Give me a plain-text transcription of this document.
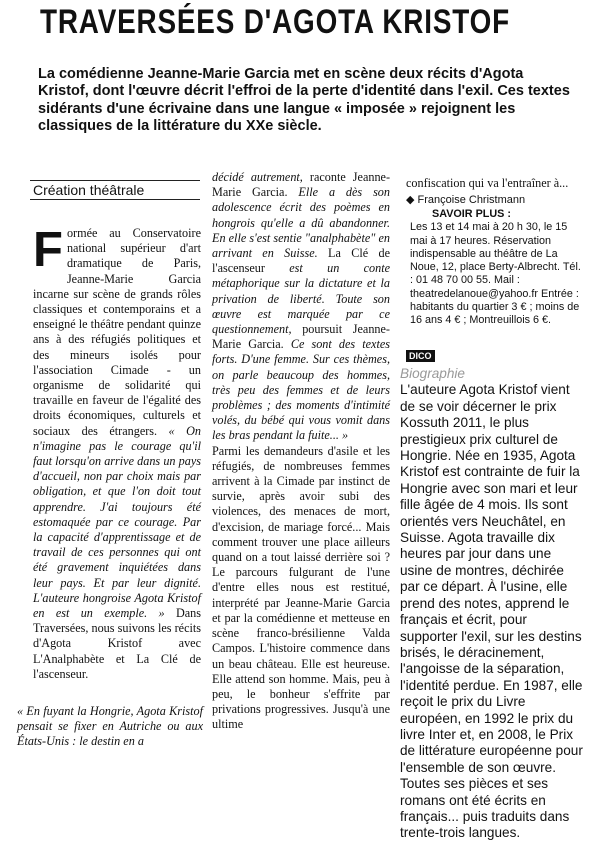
TRAVERSÉES D'AGOTA KRISTOF
La comédienne Jeanne-Marie Garcia met en scène deux récits d'Agota Kristof, dont l'œuvre décrit l'effroi de la perte d'identité dans l'exil. Ces textes sidérants d'une écrivaine dans une langue « imposée » rejoignent les classiques de la littérature du XXe siècle.
Création théâtrale
F ormée au Conservatoire national supérieur d'art dramatique de Paris, Jeanne-Marie Garcia incarne sur scène de grands rôles classiques et contemporains et a enseigné le théâtre pendant quinze ans à des réfugiés politiques et des mineurs isolés pour l'association Cimade - un organisme de solidarité qui travaille en faveur de l'égalité des droits économiques, culturels et sociaux des étrangers. « On n'imagine pas le courage qu'il faut lorsqu'on arrive dans un pays d'accueil, non par choix mais par obligation, et que l'on doit tout apprendre. J'ai toujours été estomaquée par ce courage. Par la capacité d'apprentissage et de travail de ces personnes qui ont été gravement inquiétées dans leur pays. Et par leur dignité. L'auteure hongroise Agota Kristof en est un exemple. » Dans Traversées, nous suivons les récits d'Agota Kristof avec L'Analphabète et La Clé de l'ascenseur.
« En fuyant la Hongrie, Agota Kristof pensait se fixer en Autriche ou aux États-Unis : le destin en a
décidé autrement, raconte Jeanne-Marie Garcia. Elle a dès son adolescence écrit des poèmes en hongrois qu'elle a dû abandonner. En elle s'est sentie "analphabète" en arrivant en Suisse. La Clé de l'ascenseur est un conte métaphorique sur la dictature et la privation de liberté. Toute son œuvre est marquée par ce questionnement, poursuit Jeanne-Marie Garcia. Ce sont des textes forts. D'une femme. Sur ces thèmes, on parle beaucoup des hommes, très peu des femmes et de leurs problèmes ; des moments d'intimité volés, du bébé qui vous vomit dans les bras pendant la fuite... »
Parmi les demandeurs d'asile et les réfugiés, de nombreuses femmes arrivent à la Cimade par instinct de survie, après avoir subi des violences, des menaces de mort, d'excision, de mariage forcé... Mais comment trouver une place ailleurs quand on a tout laissé derrière soi ? Le parcours fulgurant de l'une d'entre elles nous est restitué, interprété par Jeanne-Marie Garcia et par la comédienne et metteuse en scène franco-brésilienne Valda Campos. L'histoire commence dans un beau château. Elle est heureuse. Elle attend son homme. Mais, peu à peu, le bonheur s'effrite par privations progressives. Jusqu'à une ultime
confiscation qui va l'entraîner à...
◆ Françoise Christmann
SAVOIR PLUS :
Les 13 et 14 mai à 20 h 30, le 15 mai à 17 heures. Réservation indispensable au théâtre de La Noue, 12, place Berty-Albrecht. Tél. : 01 48 70 00 55. Mail : theatredelanoue@yahoo.fr Entrée : habitants du quartier 3 € ; moins de 16 ans 4 € ; Montreuillois 6 €.
DICO
Biographie
L'auteure Agota Kristof vient de se voir décerner le prix Kossuth 2011, le plus prestigieux prix culturel de Hongrie. Née en 1935, Agota Kristof est contrainte de fuir la Hongrie avec son mari et leur fille âgée de 4 mois. Ils sont orientés vers Neuchâtel, en Suisse. Agota travaille dix heures par jour dans une usine de montres, déchirée par ce départ. À l'usine, elle prend des notes, apprend le français et écrit, pour supporter l'exil, sur les destins brisés, le déracinement, l'angoisse de la séparation, l'identité perdue. En 1987, elle reçoit le prix du Livre européen, en 1992 le prix du livre Inter et, en 2008, le Prix de littérature européenne pour l'ensemble de son œuvre. Toutes ses pièces et ses romans ont été écrits en français... puis traduits dans trente-trois langues.
